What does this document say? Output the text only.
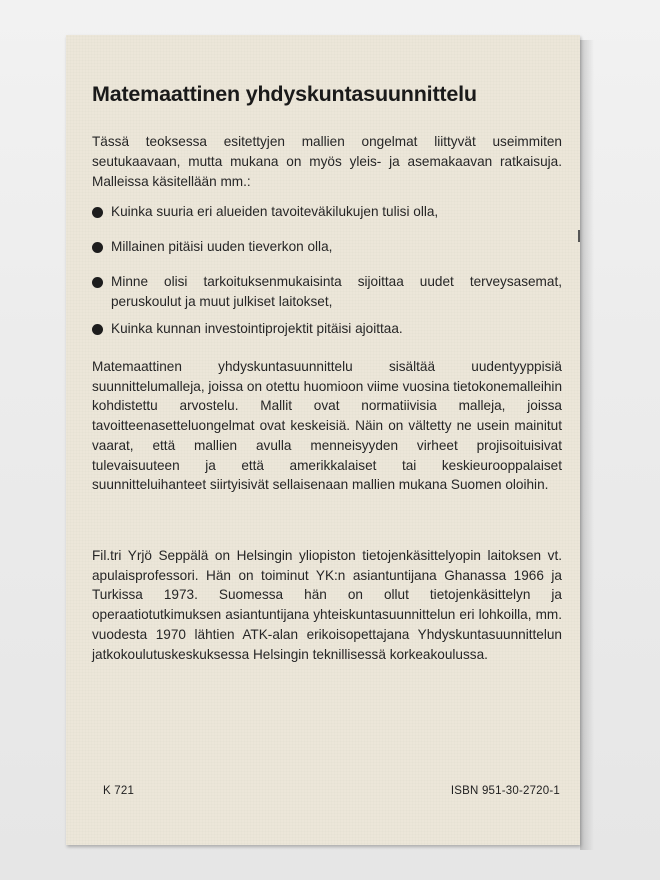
Matemaattinen yhdyskuntasuunnittelu
Tässä teoksessa esitettyjen mallien ongelmat liittyvät useimmiten seutukaavaan, mutta mukana on myös yleis- ja asemakaavan ratkaisuja. Malleissa käsitellään mm.:
Kuinka suuria eri alueiden tavoiteväkilukujen tulisi olla,
Millainen pitäisi uuden tieverkon olla,
Minne olisi tarkoituksenmukaisinta sijoittaa uudet terveysasemat, peruskoulut ja muut julkiset laitokset,
Kuinka kunnan investointiprojektit pitäisi ajoittaa.
Matemaattinen yhdyskuntasuunnittelu sisältää uudentyyppisiä suunnittelumalleja, joissa on otettu huomioon viime vuosina tietokonemalleihin kohdistettu arvostelu. Mallit ovat normatiivisia malleja, joissa tavoitteenasetteluongelmat ovat keskeisiä. Näin on vältetty ne usein mainitut vaarat, että mallien avulla menneisyyden virheet projisoituisivat tulevaisuuteen ja että amerikkalaiset tai keskieurooppalaiset suunnitteluihanteet siirtyisivät sellaisenaan mallien mukana Suomen oloihin.
Fil.tri Yrjö Seppälä on Helsingin yliopiston tietojenkäsittelyopin laitoksen vt. apulaisprofessori. Hän on toiminut YK:n asiantuntijana Ghanassa 1966 ja Turkissa 1973. Suomessa hän on ollut tietojenkäsittelyn ja operaatiotutkimuksen asiantuntijana yhteiskuntasuunnittelun eri lohkoilla, mm. vuodesta 1970 lähtien ATK-alan erikoisopettajana Yhdyskuntasuunnittelun jatkokoulutuskeskuksessa Helsingin teknillisessä korkeakoulussa.
K 721	ISBN 951-30-2720-1
